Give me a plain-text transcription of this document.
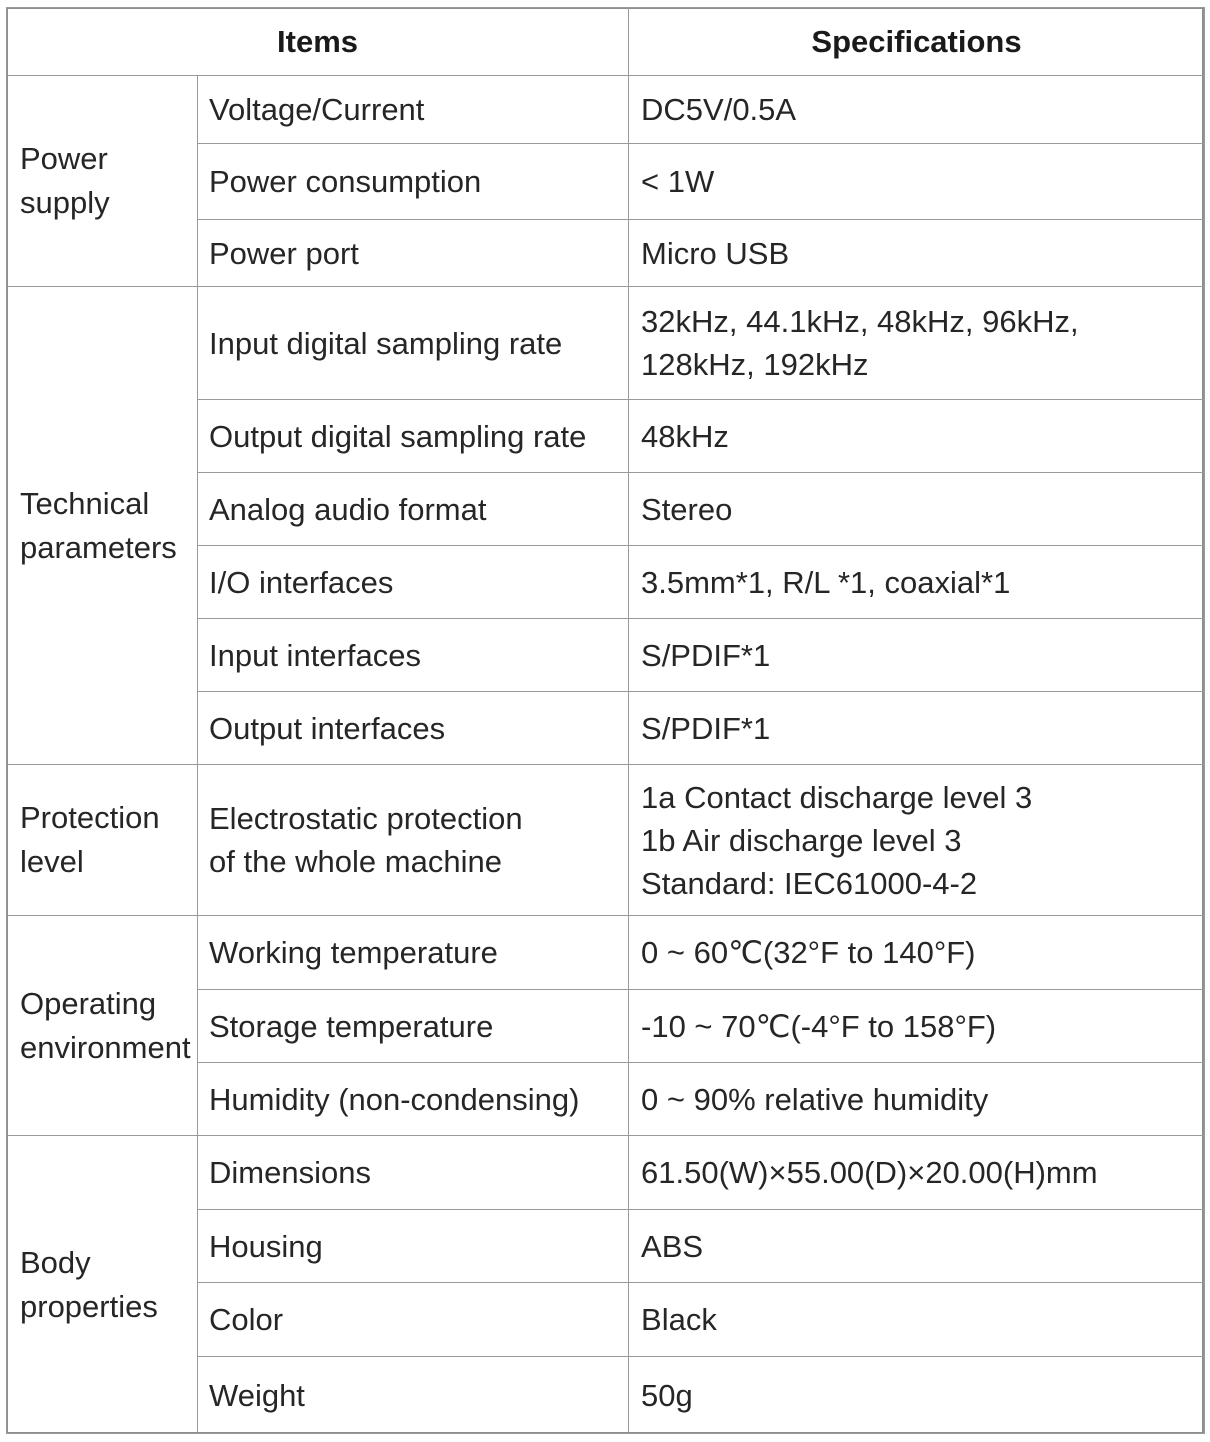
Items		Specifications

Power
supply	Voltage/Current	DC5V/0.5A
	Power consumption	< 1W
	Power port	Micro USB

Technical
parameters	Input digital sampling rate	32kHz, 44.1kHz, 48kHz, 96kHz,
128kHz, 192kHz

	Output digital sampling rate	48kHz
	Analog audio format	Stereo
	I/O interfaces	3.5mm*1, R/L *1, coaxial*1
	Input interfaces	S/PDIF*1
	Output interfaces	S/PDIF*1

Protection
level	Electrostatic protection
of the whole machine	1a Contact discharge level 3
1b Air discharge level 3
Standard: IEC61000-4-2

Operating
environment	Working temperature	0 ~ 60℃(32°F to 140°F)
	Storage temperature	-10 ~ 70℃(-4°F to 158°F)
	Humidity (non-condensing)	0 ~ 90% relative humidity

Body
properties	Dimensions	61.50(W)×55.00(D)×20.00(H)mm
	Housing	ABS
	Color	Black
	Weight	50g
